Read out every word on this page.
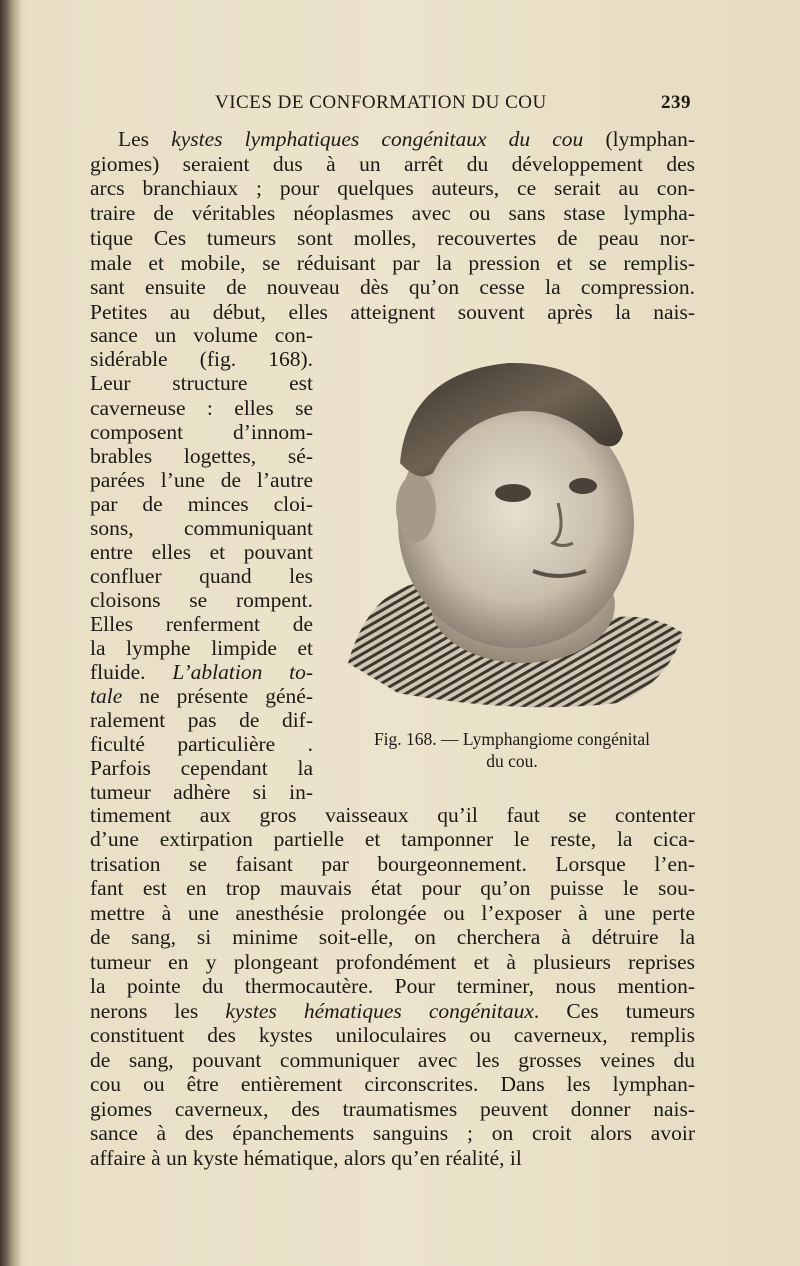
VICES DE CONFORMATION DU COU	239
Les kystes lymphatiques congénitaux du cou (lymphan-
giomes) seraient dus à un arrêt du développement des
arcs branchiaux ; pour quelques auteurs, ce serait au con-
traire de véritables néoplasmes avec ou sans stase lympha-
tique Ces tumeurs sont molles, recouvertes de peau nor-
male et mobile, se réduisant par la pression et se remplis-
sant ensuite de nouveau dès qu’on cesse la compression.
Petites au début, elles atteignent souvent après la nais-
sance un volume con-
sidérable (fig. 168).
Leur structure est
caverneuse : elles se
composent d’innom-
brables logettes, sé-
parées l’une de l’autre
par de minces cloi-
sons, communiquant
entre elles et pouvant
confluer quand les
cloisons se rompent.
Elles renferment de
la lymphe limpide et
fluide. L’ablation to-
tale ne présente géné-
ralement pas de dif-
ficulté particulière .
Parfois cependant la
tumeur adhère si in-
timement aux gros vaisseaux qu’il faut se contenter
d’une extirpation partielle et tamponner le reste, la cica-
trisation se faisant par bourgeonnement. Lorsque l’en-
fant est en trop mauvais état pour qu’on puisse le sou-
mettre à une anesthésie prolongée ou l’exposer à une perte
de sang, si minime soit-elle, on cherchera à détruire la
tumeur en y plongeant profondément et à plusieurs reprises
la pointe du thermocautère. Pour terminer, nous mention-
nerons les kystes hématiques congénitaux. Ces tumeurs
constituent des kystes uniloculaires ou caverneux, remplis
de sang, pouvant communiquer avec les grosses veines du
cou ou être entièrement circonscrites. Dans les lymphan-
giomes caverneux, des traumatismes peuvent donner nais-
sance à des épanchements sanguins ; on croit alors avoir
affaire à un kyste hématique, alors qu’en réalité, il
Fig. 168. — Lymphangiome congénital
du cou.
